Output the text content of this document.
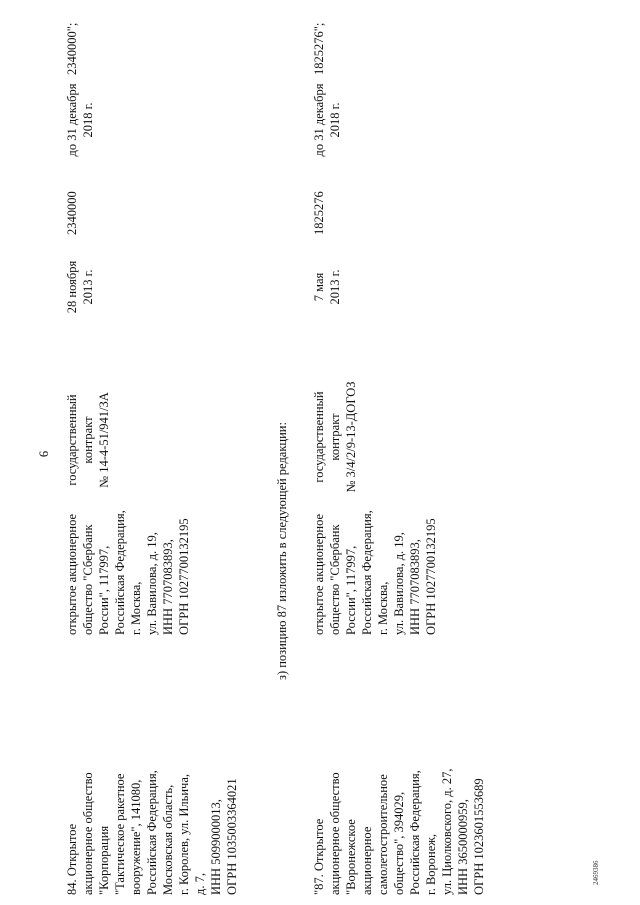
6
84. Открытое
акционерное общество
"Корпорация
"Тактическое ракетное
вооружение", 141080,
Российская Федерация,
Московская область,
г. Королев, ул. Ильича,
д. 7,
ИНН 5099000013,
ОГРН 1035003364021
открытое акционерное
общество "Сбербанк
России", 117997,
Российская Федерация,
г. Москва,
ул. Вавилова, д. 19,
ИНН 7707083893,
ОГРН 1027700132195
государственный
контракт
№ 14-4-51/941/ЗА
28 ноября
2013 г.
2340000
до 31 декабря
2018 г.
2340000";
з) позицию 87 изложить в следующей редакции:
"87. Открытое
акционерное общество
"Воронежское
акционерное
самолетостроительное
общество", 394029,
Российская Федерация,
г. Воронеж,
ул. Циолковского, д. 27,
ИНН 3650000959,
ОГРН 1023601553689
открытое акционерное
общество "Сбербанк
России", 117997,
Российская Федерация,
г. Москва,
ул. Вавилова, д. 19,
ИНН 7707083893,
ОГРН 1027700132195
государственный
контракт
№ 3/4/2/9-13-ДОГОЗ
7 мая
2013 г.
1825276
до 31 декабря
2018 г.
1825276";
2469386
